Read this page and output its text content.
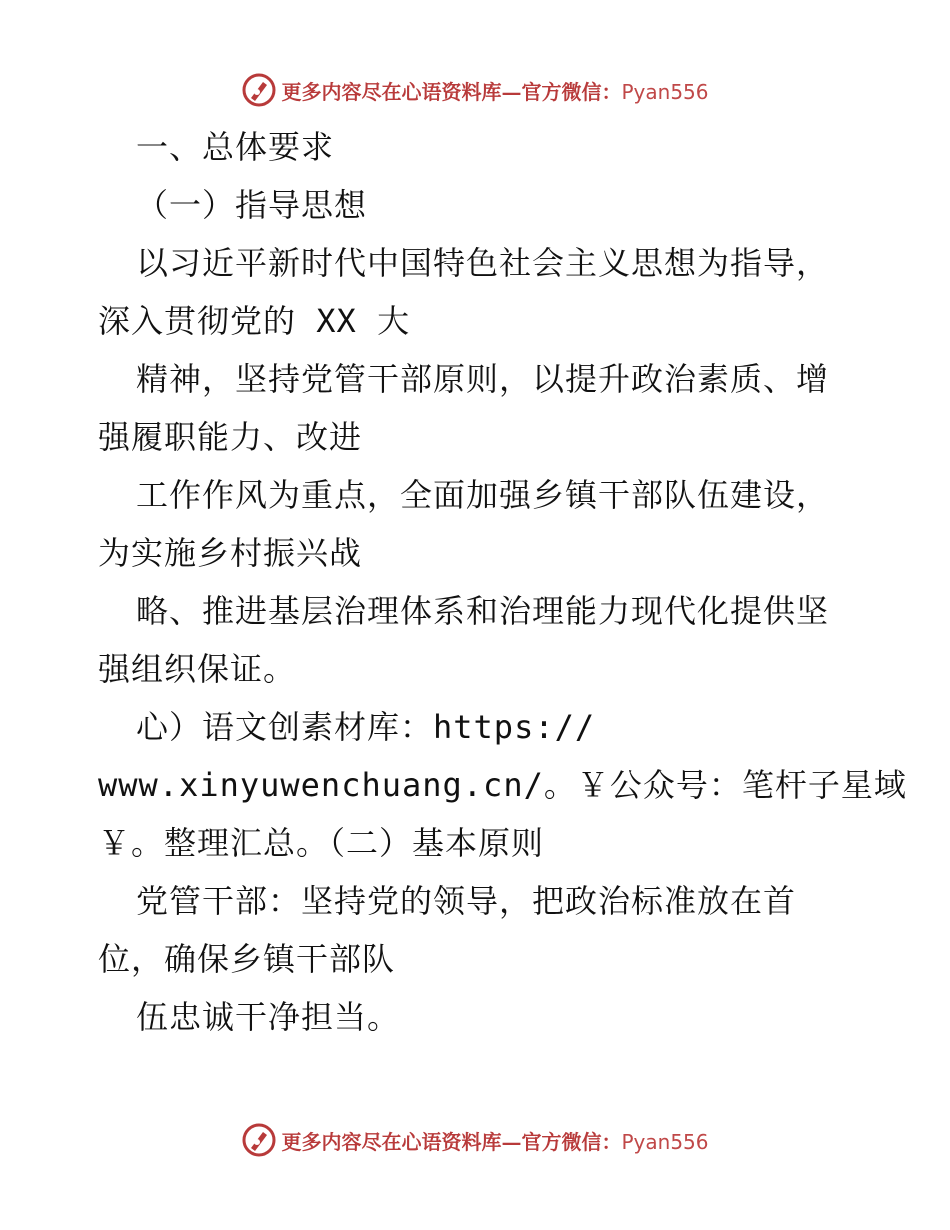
更多内容尽在心语资料库—官方微信：Pyan556
一、总体要求
（一）指导思想
以习近平新时代中国特色社会主义思想为指导，
深入贯彻党的 XX 大
精神，坚持党管干部原则，以提升政治素质、增
强履职能力、改进
工作作风为重点，全面加强乡镇干部队伍建设，
为实施乡村振兴战
略、推进基层治理体系和治理能力现代化提供坚
强组织保证。
心）语文创素材库：https://
www.xinyuwenchuang.cn/。￥公众号：笔杆子星域
￥。整理汇总。（二）基本原则
党管干部：坚持党的领导，把政治标准放在首
位，确保乡镇干部队
伍忠诚干净担当。
更多内容尽在心语资料库—官方微信：Pyan556
